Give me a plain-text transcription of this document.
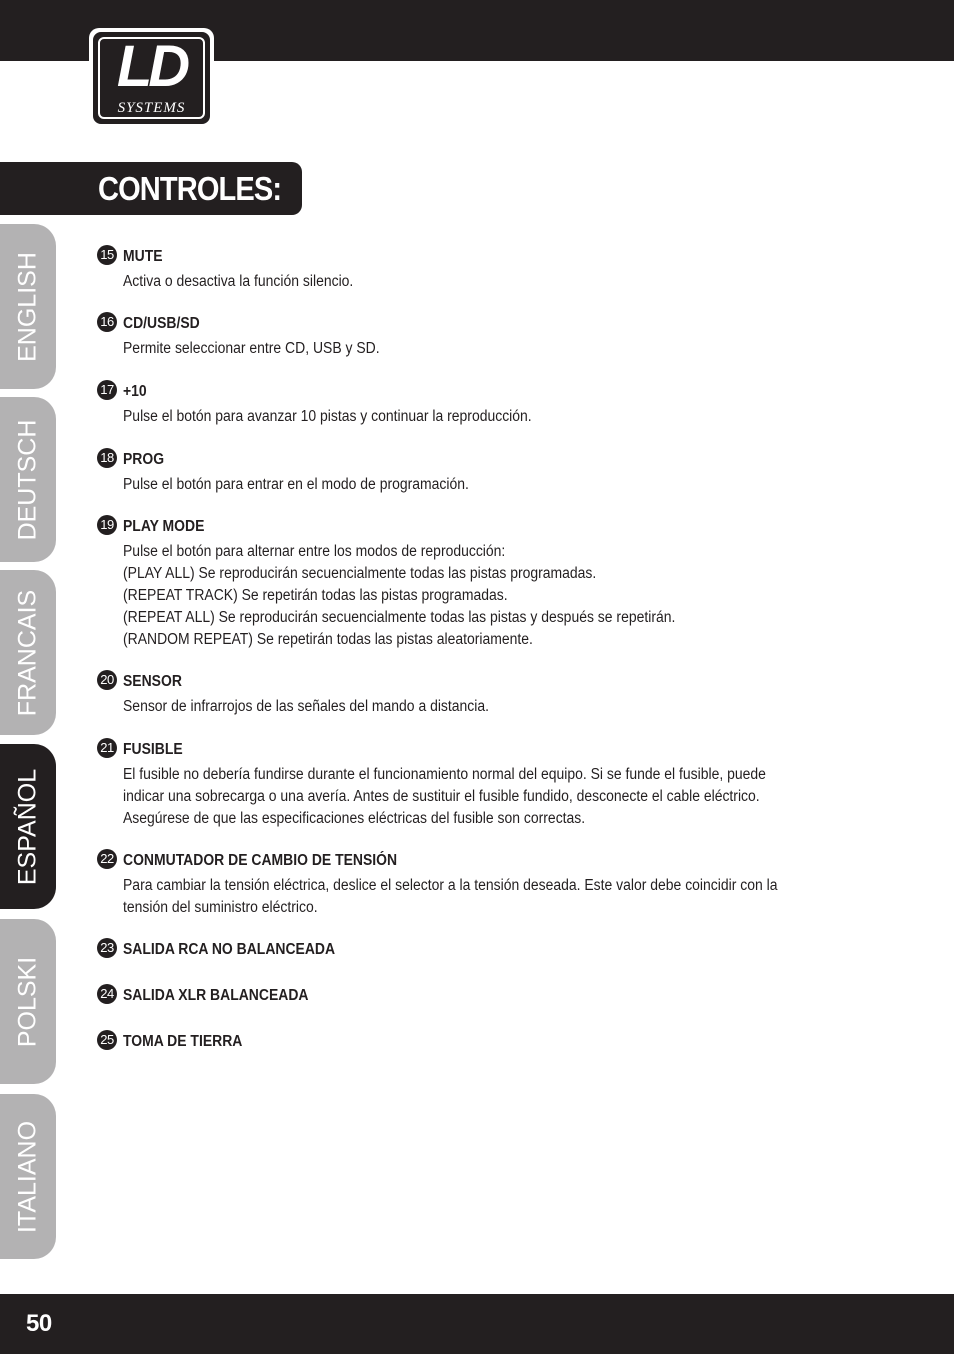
LD
SYSTEMS
CONTROLES:
ENGLISH
DEUTSCH
FRANCAIS
ESPAÑOL
POLSKI
ITALIANO
15 MUTE
Activa o desactiva la función silencio.
16 CD/USB/SD
Permite seleccionar entre CD, USB y SD.
17 +10
Pulse el botón para avanzar 10 pistas y continuar la reproducción.
18 PROG
Pulse el botón para entrar en el modo de programación.
19 PLAY MODE
Pulse el botón para alternar entre los modos de reproducción:
(PLAY ALL) Se reproducirán secuencialmente todas las pistas programadas.
(REPEAT TRACK) Se repetirán todas las pistas programadas.
(REPEAT ALL) Se reproducirán secuencialmente todas las pistas y después se repetirán.
(RANDOM REPEAT) Se repetirán todas las pistas aleatoriamente.
20 SENSOR
Sensor de infrarrojos de las señales del mando a distancia.
21 FUSIBLE
El fusible no debería fundirse durante el funcionamiento normal del equipo. Si se funde el fusible, puede
indicar una sobrecarga o una avería. Antes de sustituir el fusible fundido, desconecte el cable eléctrico.
Asegúrese de que las especificaciones eléctricas del fusible son correctas.
22 CONMUTADOR DE CAMBIO DE TENSIÓN
Para cambiar la tensión eléctrica, deslice el selector a la tensión deseada. Este valor debe coincidir con la
tensión del suministro eléctrico.
23 SALIDA RCA NO BALANCEADA
24 SALIDA XLR BALANCEADA
25 TOMA DE TIERRA
50
